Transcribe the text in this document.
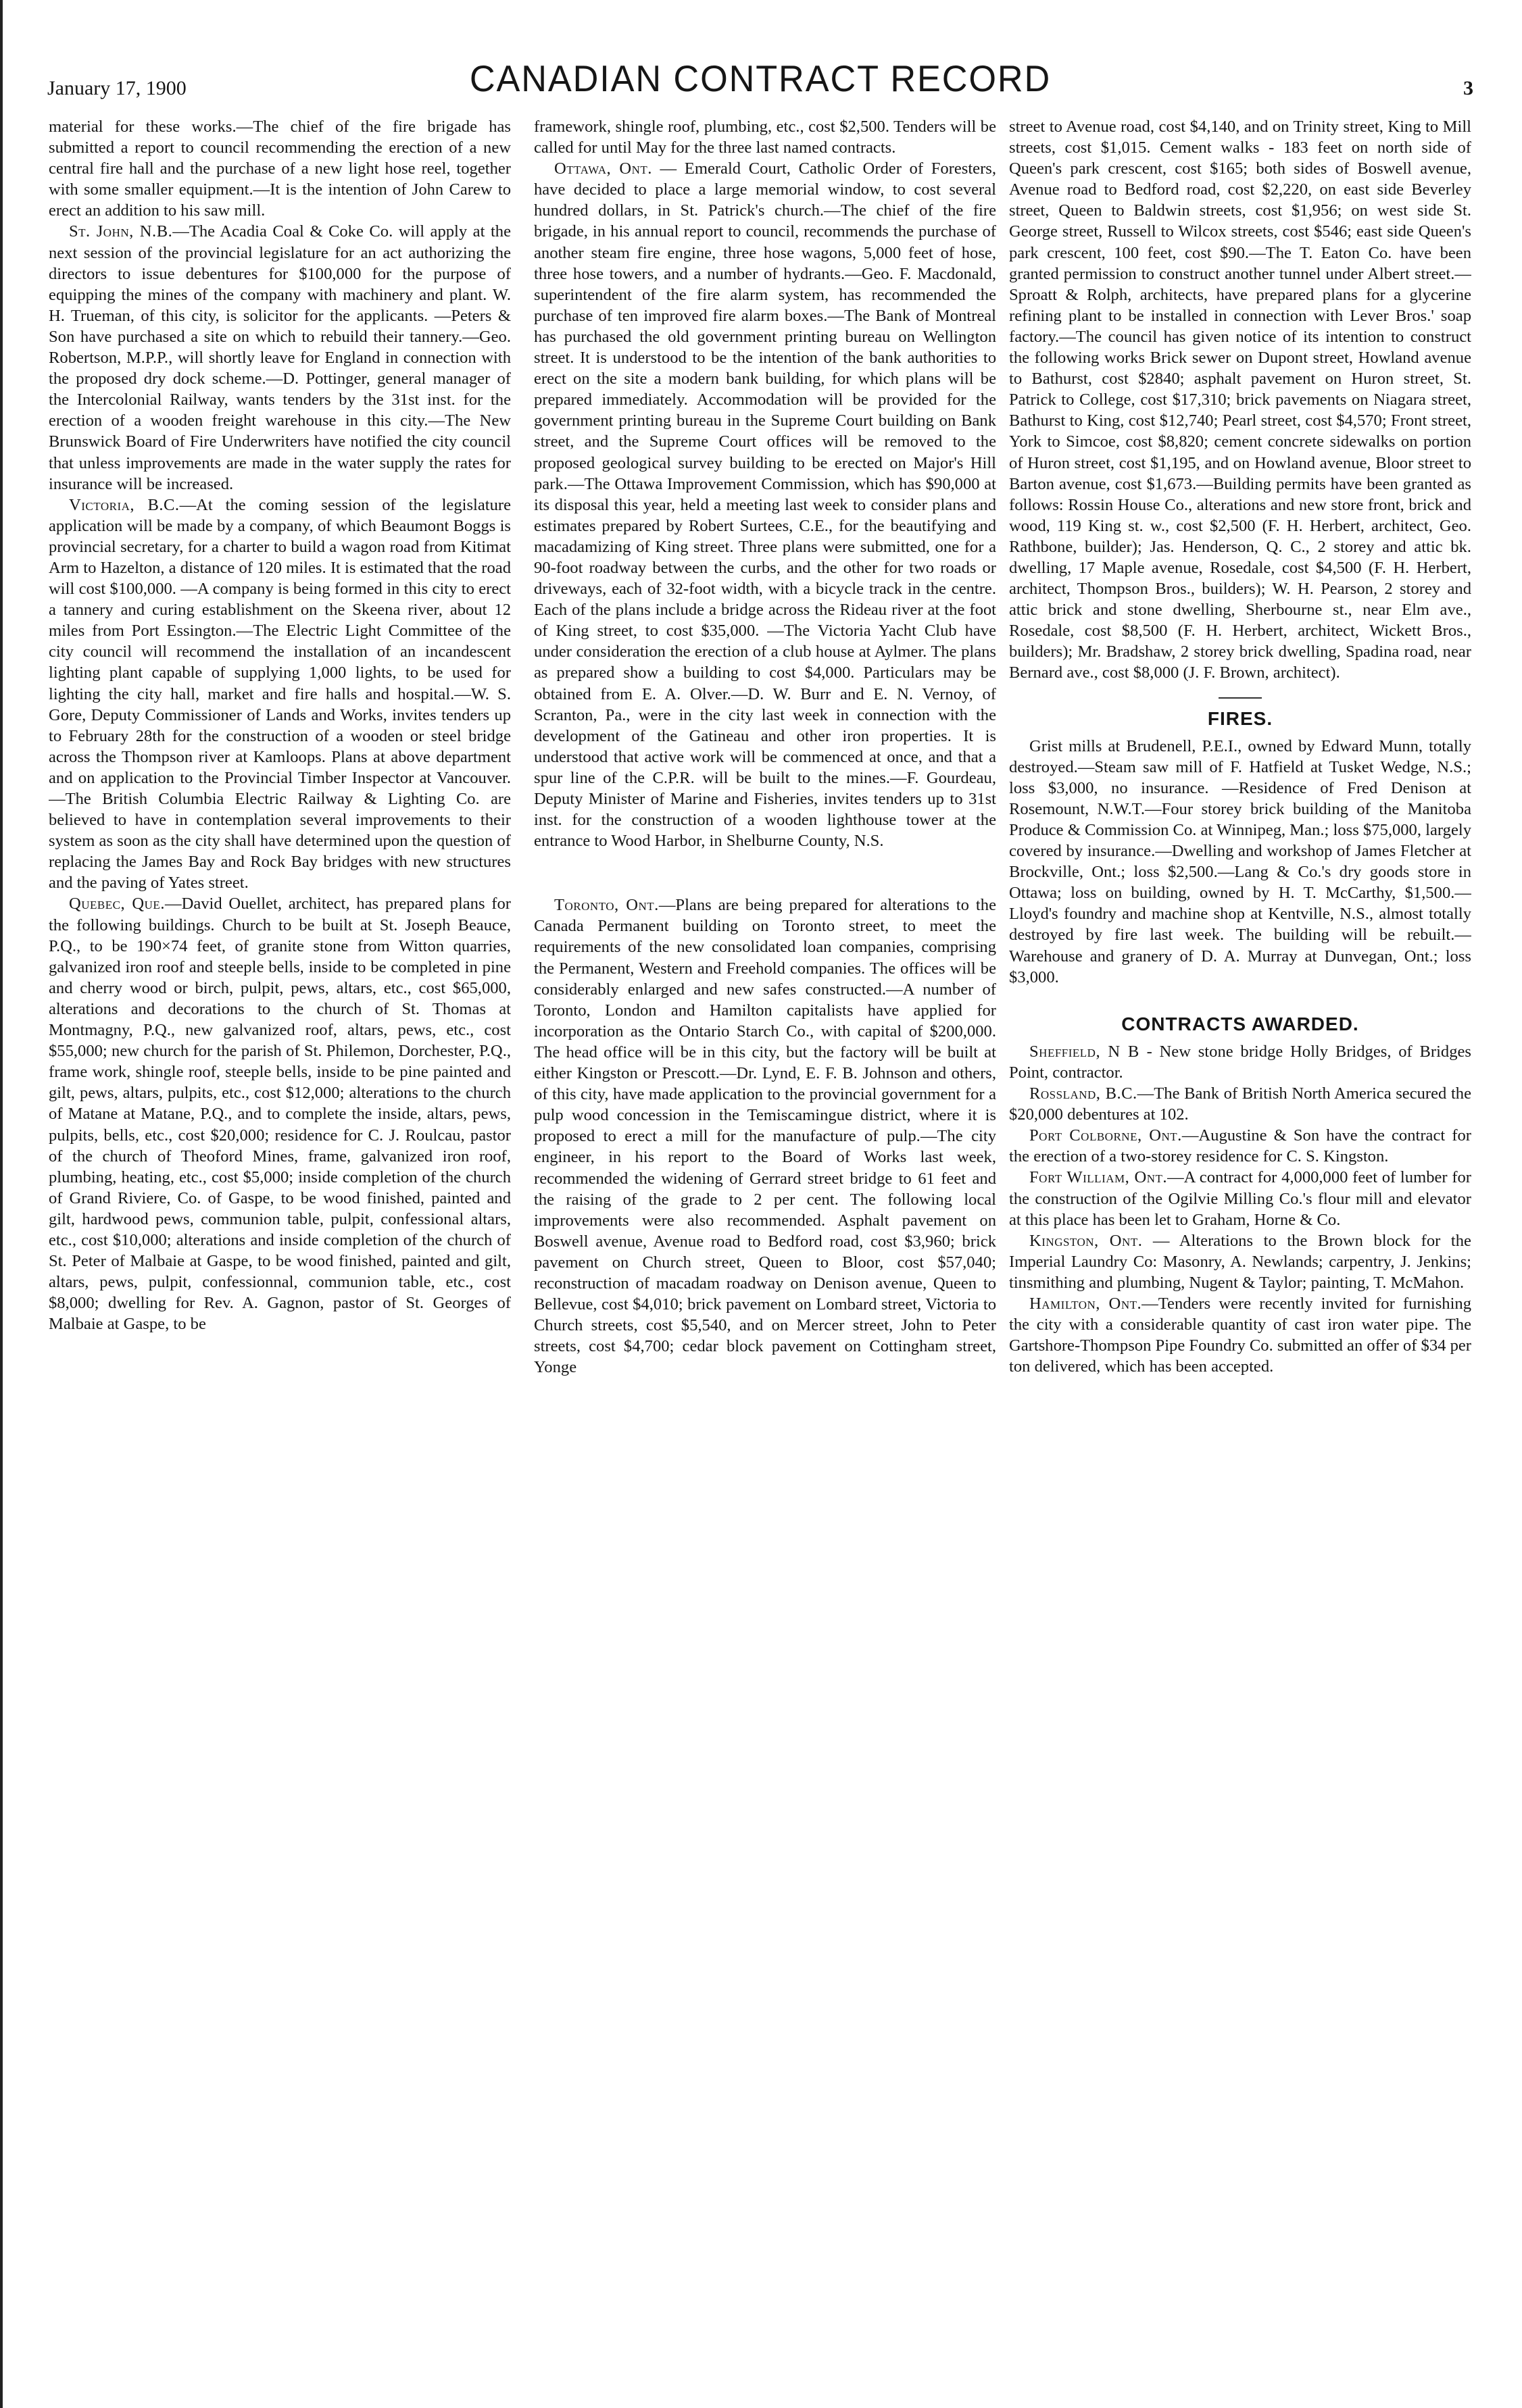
January 17, 1900	CANADIAN CONTRACT RECORD	3

material for these works.—The chief of the fire brigade has submitted a report to council recommending the erection of a new central fire hall and the purchase of a new light hose reel, together with some smaller equipment.—It is the intention of John Carew to erect an addition to his saw mill.

St. John, N.B.—The Acadia Coal & Coke Co. will apply at the next session of the provincial legislature for an act authorizing the directors to issue debentures for $100,000 for the purpose of equipping the mines of the company with machinery and plant. W. H. Trueman, of this city, is solicitor for the applicants. —Peters & Son have purchased a site on which to rebuild their tannery.—Geo. Robertson, M.P.P., will shortly leave for England in connection with the proposed dry dock scheme.—D. Pottinger, general manager of the Intercolonial Railway, wants tenders by the 31st inst. for the erection of a wooden freight warehouse in this city.—The New Brunswick Board of Fire Underwriters have notified the city council that unless improvements are made in the water supply the rates for insurance will be increased.

Victoria, B.C.—At the coming session of the legislature application will be made by a company, of which Beaumont Boggs is provincial secretary, for a charter to build a wagon road from Kitimat Arm to Hazelton, a distance of 120 miles. It is estimated that the road will cost $100,000. —A company is being formed in this city to erect a tannery and curing establishment on the Skeena river, about 12 miles from Port Essington.—The Electric Light Committee of the city council will recommend the installation of an incandescent lighting plant capable of supplying 1,000 lights, to be used for lighting the city hall, market and fire halls and hospital.—W. S. Gore, Deputy Commissioner of Lands and Works, invites tenders up to February 28th for the construction of a wooden or steel bridge across the Thompson river at Kamloops. Plans at above department and on application to the Provincial Timber Inspector at Vancouver.—The British Columbia Electric Railway & Lighting Co. are believed to have in contemplation several improvements to their system as soon as the city shall have determined upon the question of replacing the James Bay and Rock Bay bridges with new structures and the paving of Yates street.

Quebec, Que.—David Ouellet, architect, has prepared plans for the following buildings. Church to be built at St. Joseph Beauce, P.Q., to be 190×74 feet, of granite stone from Witton quarries, galvanized iron roof and steeple bells, inside to be completed in pine and cherry wood or birch, pulpit, pews, altars, etc., cost $65,000, alterations and decorations to the church of St. Thomas at Montmagny, P.Q., new galvanized roof, altars, pews, etc., cost $55,000; new church for the parish of St. Philemon, Dorchester, P.Q., frame work, shingle roof, steeple bells, inside to be pine painted and gilt, pews, altars, pulpits, etc., cost $12,000; alterations to the church of Matane at Matane, P.Q., and to complete the inside, altars, pews, pulpits, bells, etc., cost $20,000; residence for C. J. Roulcau, pastor of the church of Theoford Mines, frame, galvanized iron roof, plumbing, heating, etc., cost $5,000; inside completion of the church of Grand Riviere, Co. of Gaspe, to be wood finished, painted and gilt, hardwood pews, communion table, pulpit, confessional altars, etc., cost $10,000; alterations and inside completion of the church of St. Peter of Malbaie at Gaspe, to be wood finished, painted and gilt, altars, pews, pulpit, confessionnal, communion table, etc., cost $8,000; dwelling for Rev. A. Gagnon, pastor of St. Georges of Malbaie at Gaspe, to be

framework, shingle roof, plumbing, etc., cost $2,500. Tenders will be called for until May for the three last named contracts.

Ottawa, Ont. — Emerald Court, Catholic Order of Foresters, have decided to place a large memorial window, to cost several hundred dollars, in St. Patrick's church.—The chief of the fire brigade, in his annual report to council, recommends the purchase of another steam fire engine, three hose wagons, 5,000 feet of hose, three hose towers, and a number of hydrants.—Geo. F. Macdonald, superintendent of the fire alarm system, has recommended the purchase of ten improved fire alarm boxes.—The Bank of Montreal has purchased the old government printing bureau on Wellington street. It is understood to be the intention of the bank authorities to erect on the site a modern bank building, for which plans will be prepared immediately. Accommodation will be provided for the government printing bureau in the Supreme Court building on Bank street, and the Supreme Court offices will be removed to the proposed geological survey building to be erected on Major's Hill park.—The Ottawa Improvement Commission, which has $90,000 at its disposal this year, held a meeting last week to consider plans and estimates prepared by Robert Surtees, C.E., for the beautifying and macadamizing of King street. Three plans were submitted, one for a 90-foot roadway between the curbs, and the other for two roads or driveways, each of 32-foot width, with a bicycle track in the centre. Each of the plans include a bridge across the Rideau river at the foot of King street, to cost $35,000. —The Victoria Yacht Club have under consideration the erection of a club house at Aylmer. The plans as prepared show a building to cost $4,000. Particulars may be obtained from E. A. Olver.—D. W. Burr and E. N. Vernoy, of Scranton, Pa., were in the city last week in connection with the development of the Gatineau and other iron properties. It is understood that active work will be commenced at once, and that a spur line of the C.P.R. will be built to the mines.—F. Gourdeau, Deputy Minister of Marine and Fisheries, invites tenders up to 31st inst. for the construction of a wooden lighthouse tower at the entrance to Wood Harbor, in Shelburne County, N.S.

Toronto, Ont.—Plans are being prepared for alterations to the Canada Permanent building on Toronto street, to meet the requirements of the new consolidated loan companies, comprising the Permanent, Western and Freehold companies. The offices will be considerably enlarged and new safes constructed.—A number of Toronto, London and Hamilton capitalists have applied for incorporation as the Ontario Starch Co., with capital of $200,000. The head office will be in this city, but the factory will be built at either Kingston or Prescott.—Dr. Lynd, E. F. B. Johnson and others, of this city, have made application to the provincial government for a pulp wood concession in the Temiscamingue district, where it is proposed to erect a mill for the manufacture of pulp.—The city engineer, in his report to the Board of Works last week, recommended the widening of Gerrard street bridge to 61 feet and the raising of the grade to 2 per cent. The following local improvements were also recommended. Asphalt pavement on Boswell avenue, Avenue road to Bedford road, cost $3,960; brick pavement on Church street, Queen to Bloor, cost $57,040; reconstruction of macadam roadway on Denison avenue, Queen to Bellevue, cost $4,010; brick pavement on Lombard street, Victoria to Church streets, cost $5,540, and on Mercer street, John to Peter streets, cost $4,700; cedar block pavement on Cottingham street, Yonge

street to Avenue road, cost $4,140, and on Trinity street, King to Mill streets, cost $1,015. Cement walks - 183 feet on north side of Queen's park crescent, cost $165; both sides of Boswell avenue, Avenue road to Bedford road, cost $2,220, on east side Beverley street, Queen to Baldwin streets, cost $1,956; on west side St. George street, Russell to Wilcox streets, cost $546; east side Queen's park crescent, 100 feet, cost $90.—The T. Eaton Co. have been granted permission to construct another tunnel under Albert street.—Sproatt & Rolph, architects, have prepared plans for a glycerine refining plant to be installed in connection with Lever Bros.' soap factory.—The council has given notice of its intention to construct the following works Brick sewer on Dupont street, Howland avenue to Bathurst, cost $2840; asphalt pavement on Huron street, St. Patrick to College, cost $17,310; brick pavements on Niagara street, Bathurst to King, cost $12,740; Pearl street, cost $4,570; Front street, York to Simcoe, cost $8,820; cement concrete sidewalks on portion of Huron street, cost $1,195, and on Howland avenue, Bloor street to Barton avenue, cost $1,673.—Building permits have been granted as follows: Rossin House Co., alterations and new store front, brick and wood, 119 King st. w., cost $2,500 (F. H. Herbert, architect, Geo. Rathbone, builder); Jas. Henderson, Q. C., 2 storey and attic bk. dwelling, 17 Maple avenue, Rosedale, cost $4,500 (F. H. Herbert, architect, Thompson Bros., builders); W. H. Pearson, 2 storey and attic brick and stone dwelling, Sherbourne st., near Elm ave., Rosedale, cost $8,500 (F. H. Herbert, architect, Wickett Bros., builders); Mr. Bradshaw, 2 storey brick dwelling, Spadina road, near Bernard ave., cost $8,000 (J. F. Brown, architect).

FIRES.

Grist mills at Brudenell, P.E.I., owned by Edward Munn, totally destroyed.—Steam saw mill of F. Hatfield at Tusket Wedge, N.S.; loss $3,000, no insurance. —Residence of Fred Denison at Rosemount, N.W.T.—Four storey brick building of the Manitoba Produce & Commission Co. at Winnipeg, Man.; loss $75,000, largely covered by insurance.—Dwelling and workshop of James Fletcher at Brockville, Ont.; loss $2,500.—Lang & Co.'s dry goods store in Ottawa; loss on building, owned by H. T. McCarthy, $1,500.—Lloyd's foundry and machine shop at Kentville, N.S., almost totally destroyed by fire last week. The building will be rebuilt.—Warehouse and granery of D. A. Murray at Dunvegan, Ont.; loss $3,000.

CONTRACTS AWARDED.

Sheffield, N B - New stone bridge Holly Bridges, of Bridges Point, contractor.

Rossland, B.C.—The Bank of British North America secured the $20,000 debentures at 102.

Port Colborne, Ont.—Augustine & Son have the contract for the erection of a two-storey residence for C. S. Kingston.

Fort William, Ont.—A contract for 4,000,000 feet of lumber for the construction of the Ogilvie Milling Co.'s flour mill and elevator at this place has been let to Graham, Horne & Co.

Kingston, Ont. — Alterations to the Brown block for the Imperial Laundry Co: Masonry, A. Newlands; carpentry, J. Jenkins; tinsmithing and plumbing, Nugent & Taylor; painting, T. McMahon.

Hamilton, Ont.—Tenders were recently invited for furnishing the city with a considerable quantity of cast iron water pipe. The Gartshore-Thompson Pipe Foundry Co. submitted an offer of $34 per ton delivered, which has been accepted.
